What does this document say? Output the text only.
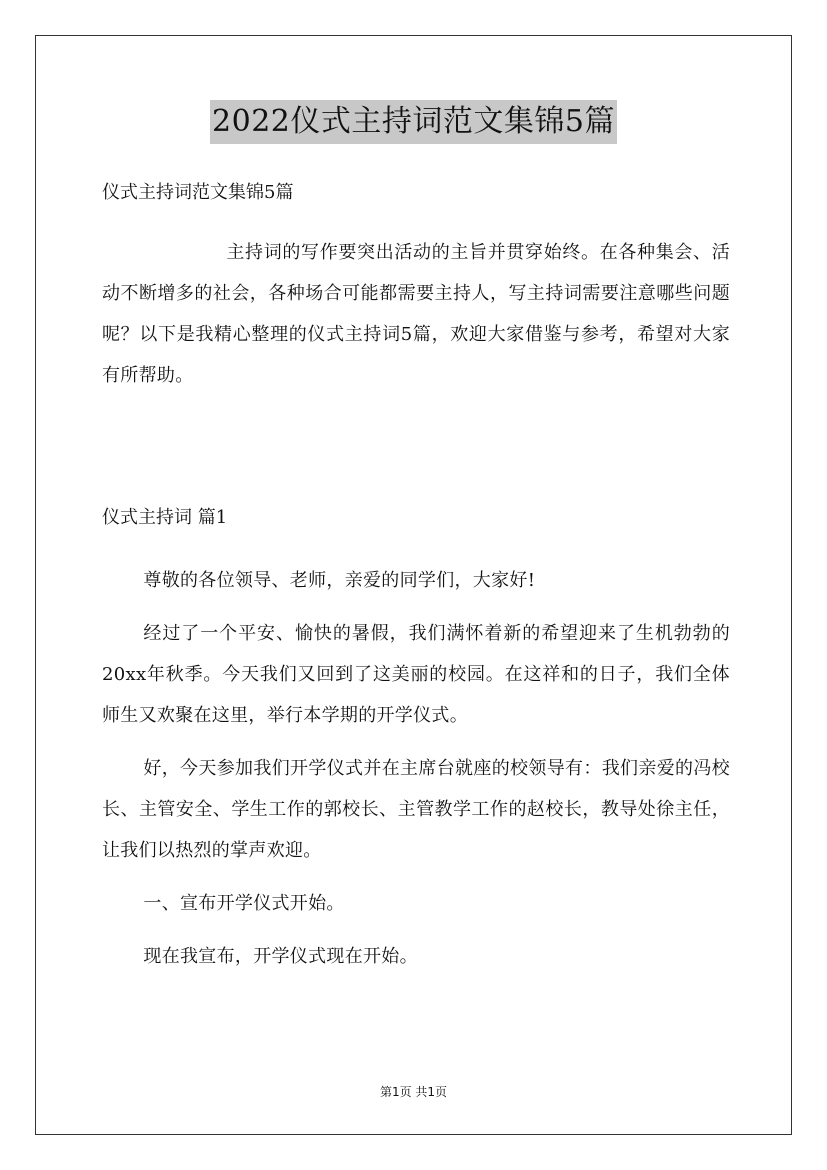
2022仪式主持词范文集锦5篇
仪式主持词范文集锦5篇
主持词的写作要突出活动的主旨并贯穿始终。在各种集会、活动不断增多的社会，各种场合可能都需要主持人，写主持词需要注意哪些问题呢？以下是我精心整理的仪式主持词5篇，欢迎大家借鉴与参考，希望对大家有所帮助。
仪式主持词 篇1

尊敬的各位领导、老师，亲爱的同学们，大家好!

经过了一个平安、愉快的暑假，我们满怀着新的希望迎来了生机勃勃的20xx年秋季。今天我们又回到了这美丽的校园。在这祥和的日子，我们全体师生又欢聚在这里，举行本学期的开学仪式。

好，今天参加我们开学仪式并在主席台就座的校领导有：我们亲爱的冯校长、主管安全、学生工作的郭校长、主管教学工作的赵校长，教导处徐主任，让我们以热烈的掌声欢迎。

一、宣布开学仪式开始。

现在我宣布，开学仪式现在开始。

第1页 共1页
